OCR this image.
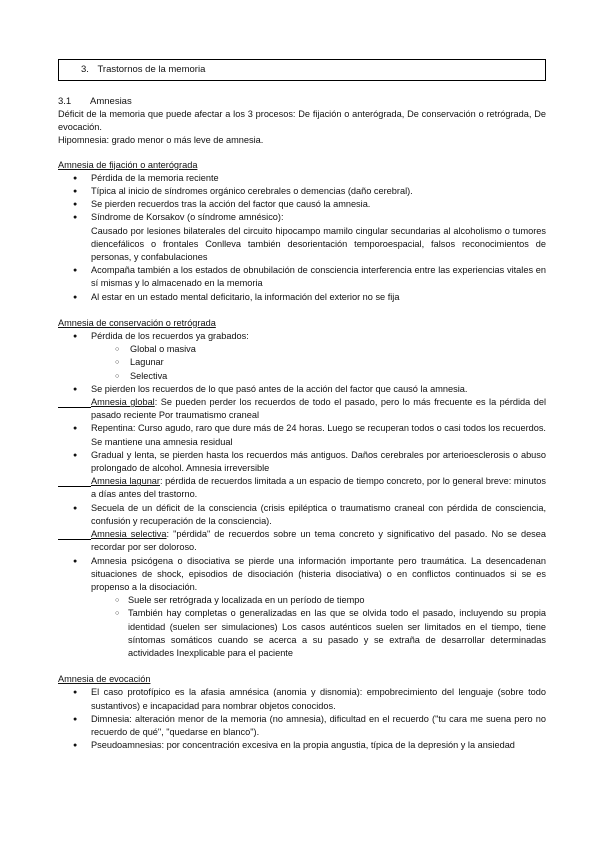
3. Trastornos de la memoria

3.1 Amnesias

Déficit de la memoria que puede afectar a los 3 procesos: De fijación o anterógrada, De conservación o retrógrada, De evocación.

Hipomnesia: grado menor o más leve de amnesia.

Amnesia de fijación o anterógrada

● Pérdida de la memoria reciente
● Típica al inicio de síndromes orgánico cerebrales o demencias (daño cerebral).
● Se pierden recuerdos tras la acción del factor que causó la amnesia.
● Síndrome de Korsakov (o síndrome amnésico):
Causado por lesiones bilaterales del circuito hipocampo mamilo cingular secundarias al alcoholismo o tumores diencefálicos o frontales Conlleva también desorientación temporoespacial, falsos reconocimientos de personas, y confabulaciones
● Acompaña también a los estados de obnubilación de consciencia interferencia entre las experiencias vitales en sí mismas y lo almacenado en la memoria
● Al estar en un estado mental deficitario, la información del exterior no se fija

Amnesia de conservación o retrógrada

● Pérdida de los recuerdos ya grabados:
○ Global o masiva
○ Lagunar
○ Selectiva
● Se pierden los recuerdos de lo que pasó antes de la acción del factor que causó la amnesia.

Amnesia global: Se pueden perder los recuerdos de todo el pasado, pero lo más frecuente es la pérdida del pasado reciente Por traumatismo craneal

● Repentina: Curso agudo, raro que dure más de 24 horas. Luego se recuperan todos o casi todos los recuerdos. Se mantiene una amnesia residual
● Gradual y lenta, se pierden hasta los recuerdos más antiguos. Daños cerebrales por arterioesclerosis o abuso prolongado de alcohol. Amnesia irreversible

Amnesia lagunar: pérdida de recuerdos limitada a un espacio de tiempo concreto, por lo general breve: minutos a días antes del trastorno.

● Secuela de un déficit de la consciencia (crisis epiléptica o traumatismo craneal con pérdida de consciencia, confusión y recuperación de la consciencia).

Amnesia selectiva: "pérdida" de recuerdos sobre un tema concreto y significativo del pasado. No se desea recordar por ser doloroso.

● Amnesia psicógena o disociativa se pierde una información importante pero traumática. La desencadenan situaciones de shock, episodios de disociación (histeria disociativa) o en conflictos continuados si se es propenso a la disociación.
○ Suele ser retrógrada y localizada en un período de tiempo
○ También hay completas o generalizadas en las que se olvida todo el pasado, incluyendo su propia identidad (suelen ser simulaciones) Los casos auténticos suelen ser limitados en el tiempo, tiene síntomas somáticos cuando se acerca a su pasado y se extraña de desarrollar determinadas actividades Inexplicable para el paciente

Amnesia de evocación

● El caso protofípico es la afasia amnésica (anomia y disnomia): empobrecimiento del lenguaje (sobre todo sustantivos) e incapacidad para nombrar objetos conocidos.
● Dimnesia: alteración menor de la memoria (no amnesia), dificultad en el recuerdo ("tu cara me suena pero no recuerdo de qué", "quedarse en blanco").
● Pseudoamnesias: por concentración excesiva en la propia angustia, típica de la depresión y la ansiedad
